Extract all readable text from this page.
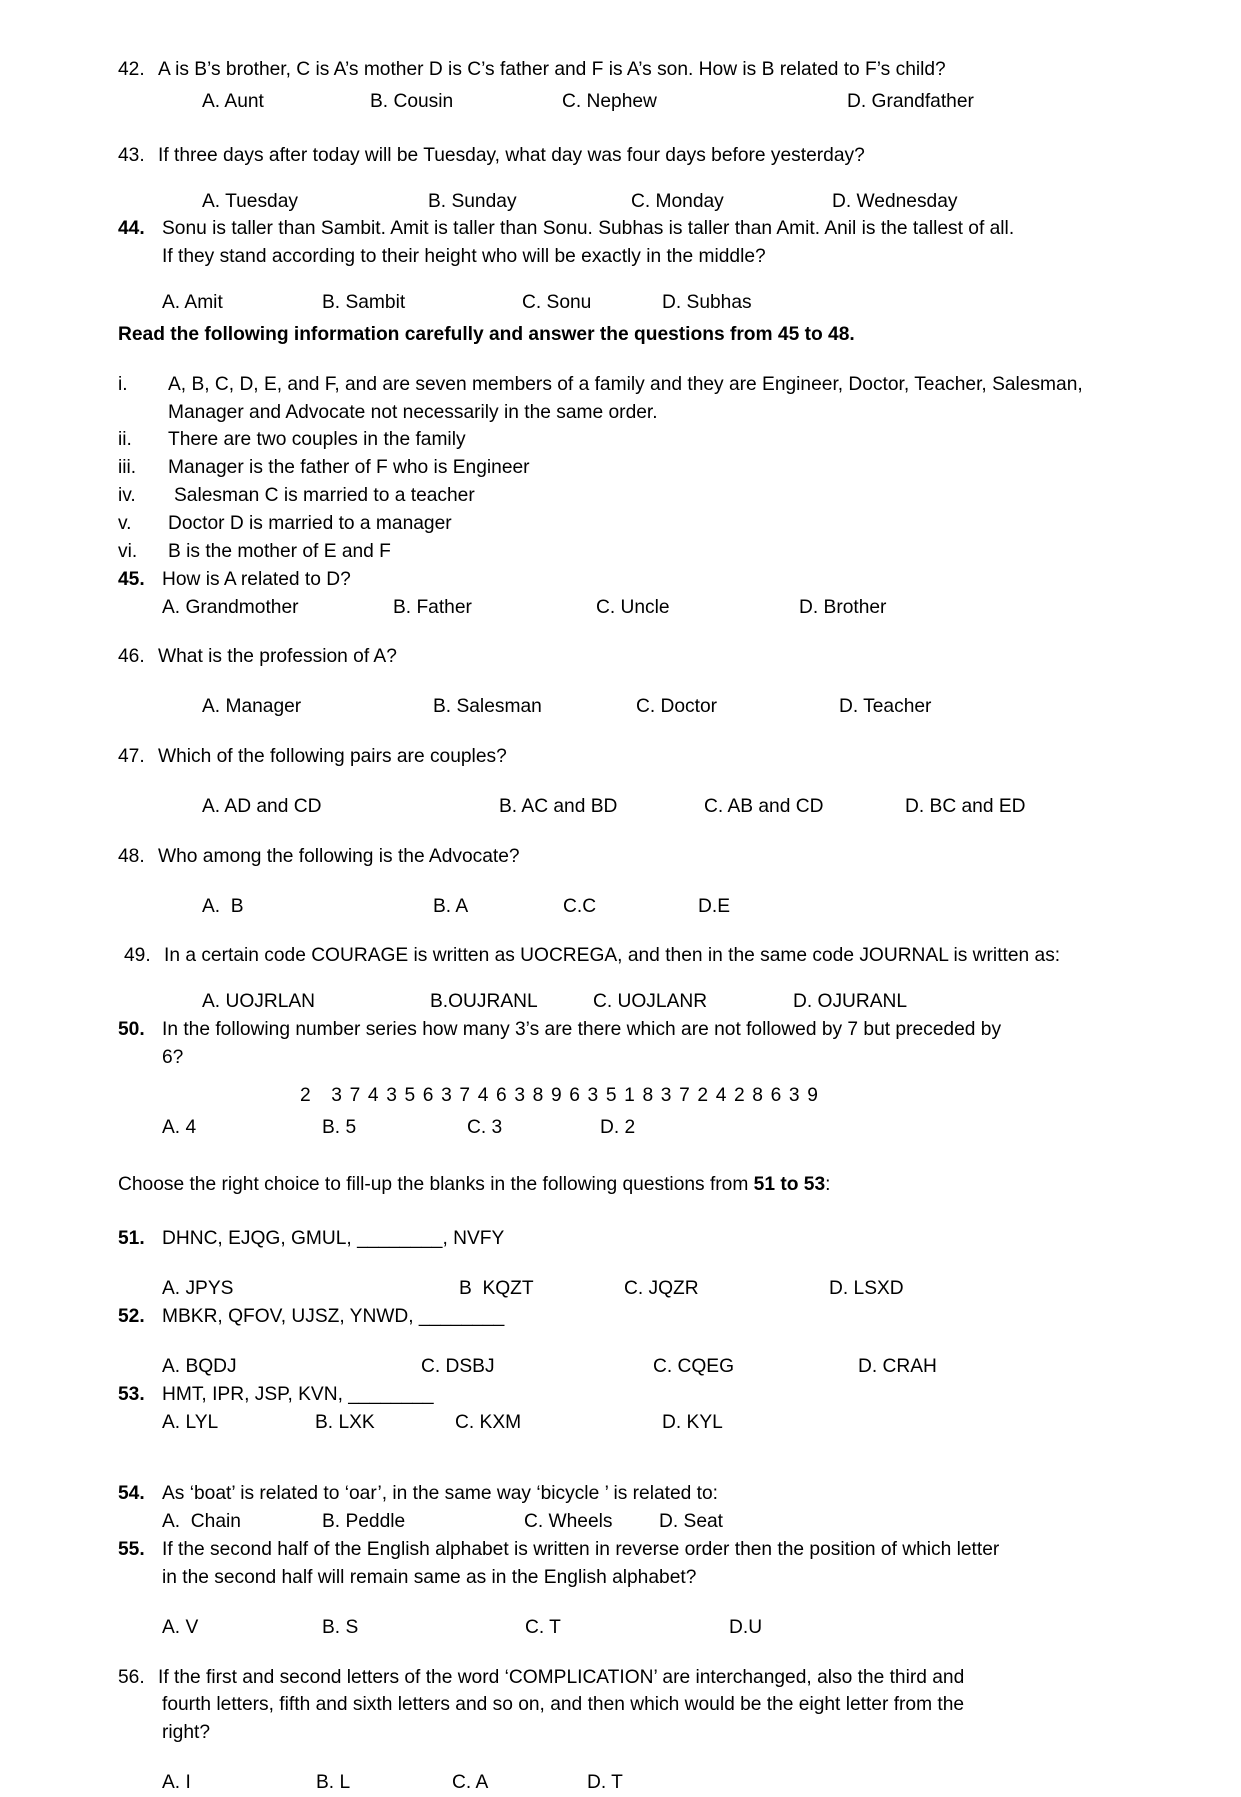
42. A is B’s brother, C is A’s mother D is C’s father and F is A’s son. How is B related to F’s child?
A. Aunt	B. Cousin	C. Nephew	D. Grandfather
43. If three days after today will be Tuesday, what day was four days before yesterday?
A. Tuesday	B. Sunday	C. Monday	D. Wednesday
44. Sonu is taller than Sambit. Amit is taller than Sonu. Subhas is taller than Amit. Anil is the tallest of all.
If they stand according to their height who will be exactly in the middle?
A. Amit	B. Sambit	C. Sonu	D. Subhas
Read the following information carefully and answer the questions from 45 to 48.
i.	A, B, C, D, E, and F, and are seven members of a family and they are Engineer, Doctor, Teacher, Salesman,
Manager and Advocate not necessarily in the same order.
ii.	There are two couples in the family
iii.	Manager is the father of F who is Engineer
iv.	Salesman C is married to a teacher
v.	Doctor D is married to a manager
vi.	B is the mother of E and F
45. How is A related to D?
A. Grandmother	B. Father	C. Uncle	D. Brother
46. What is the profession of A?
A. Manager	B. Salesman	C. Doctor	D. Teacher
47. Which of the following pairs are couples?
A. AD and CD	B. AC and BD	C. AB and CD	D. BC and ED
48. Who among the following is the Advocate?
A.  B	B. A	C.C	D.E
49. In a certain code COURAGE is written as UOCREGA, and then in the same code JOURNAL is written as:
A. UOJRLAN	B.OUJRANL	C. UOJLANR	D. OJURANL
50. In the following number series how many 3’s are there which are not followed by 7 but preceded by
6?
2   3 7 4 3 5 6 3 7 4 6 3 8 9 6 3 5 1 8 3 7 2 4 2 8 6 3 9
A. 4	B. 5	C. 3	D. 2
Choose the right choice to fill-up the blanks in the following questions from 51 to 53:
51. DHNC, EJQG, GMUL, ________, NVFY
A. JPYS	B  KQZT	C. JQZR	D. LSXD
52. MBKR, QFOV, UJSZ, YNWD, ________
A. BQDJ	C. DSBJ	C. CQEG	D. CRAH
53. HMT, IPR, JSP, KVN, ________
A. LYL	B. LXK	C. KXM	D. KYL
54. As ‘boat’ is related to ‘oar’, in the same way ‘bicycle ’ is related to:
A.  Chain	B. Peddle	C. Wheels	D. Seat
55. If the second half of the English alphabet is written in reverse order then the position of which letter
in the second half will remain same as in the English alphabet?
A. V	B. S	C. T	D.U
56. If the first and second letters of the word ‘COMPLICATION’ are interchanged, also the third and
fourth letters, fifth and sixth letters and so on, and then which would be the eight letter from the
right?
A. I	B. L	C. A	D. T
